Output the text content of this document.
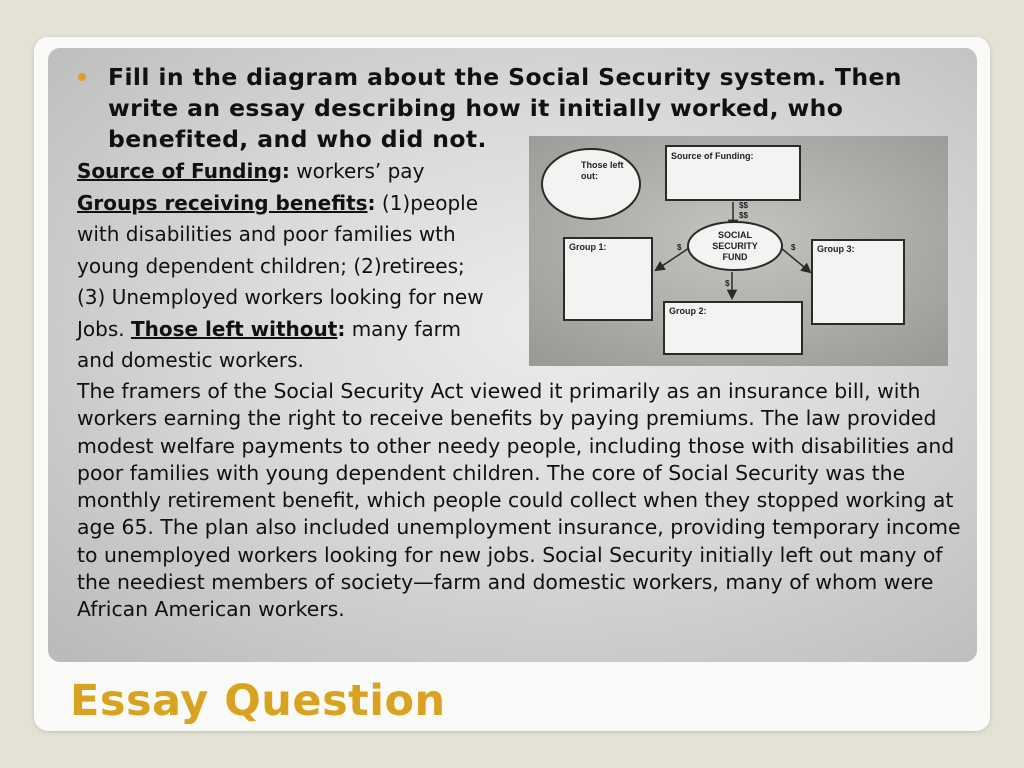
Fill in the diagram about the Social Security system. Then write an essay describing how it initially worked, who benefited, and who did not.
Source of Funding: workers’ pay
Groups receiving benefits: (1)people
with disabilities and poor families wth
young dependent children; (2)retirees;
(3) Unemployed workers looking for new
Jobs. Those left without: many farm
and domestic workers.
The framers of the Social Security Act viewed it primarily as an insurance bill, with workers earning the right to receive benefits by paying premiums. The law provided modest welfare payments to other needy people, including those with disabilities and poor families with young dependent children. The core of Social Security was the monthly retirement benefit, which people could collect when they stopped working at age 65. The plan also included unemployment insurance, providing temporary income to unemployed workers looking for new jobs. Social Security initially left out many of the neediest members of society—farm and domestic workers, many of whom were African American workers.
Those left
out:
Source of Funding:
$$
$$
SOCIAL
SECURITY
FUND
Group 1:	$	Group 3:
$
$
Group 2:
Essay Question
